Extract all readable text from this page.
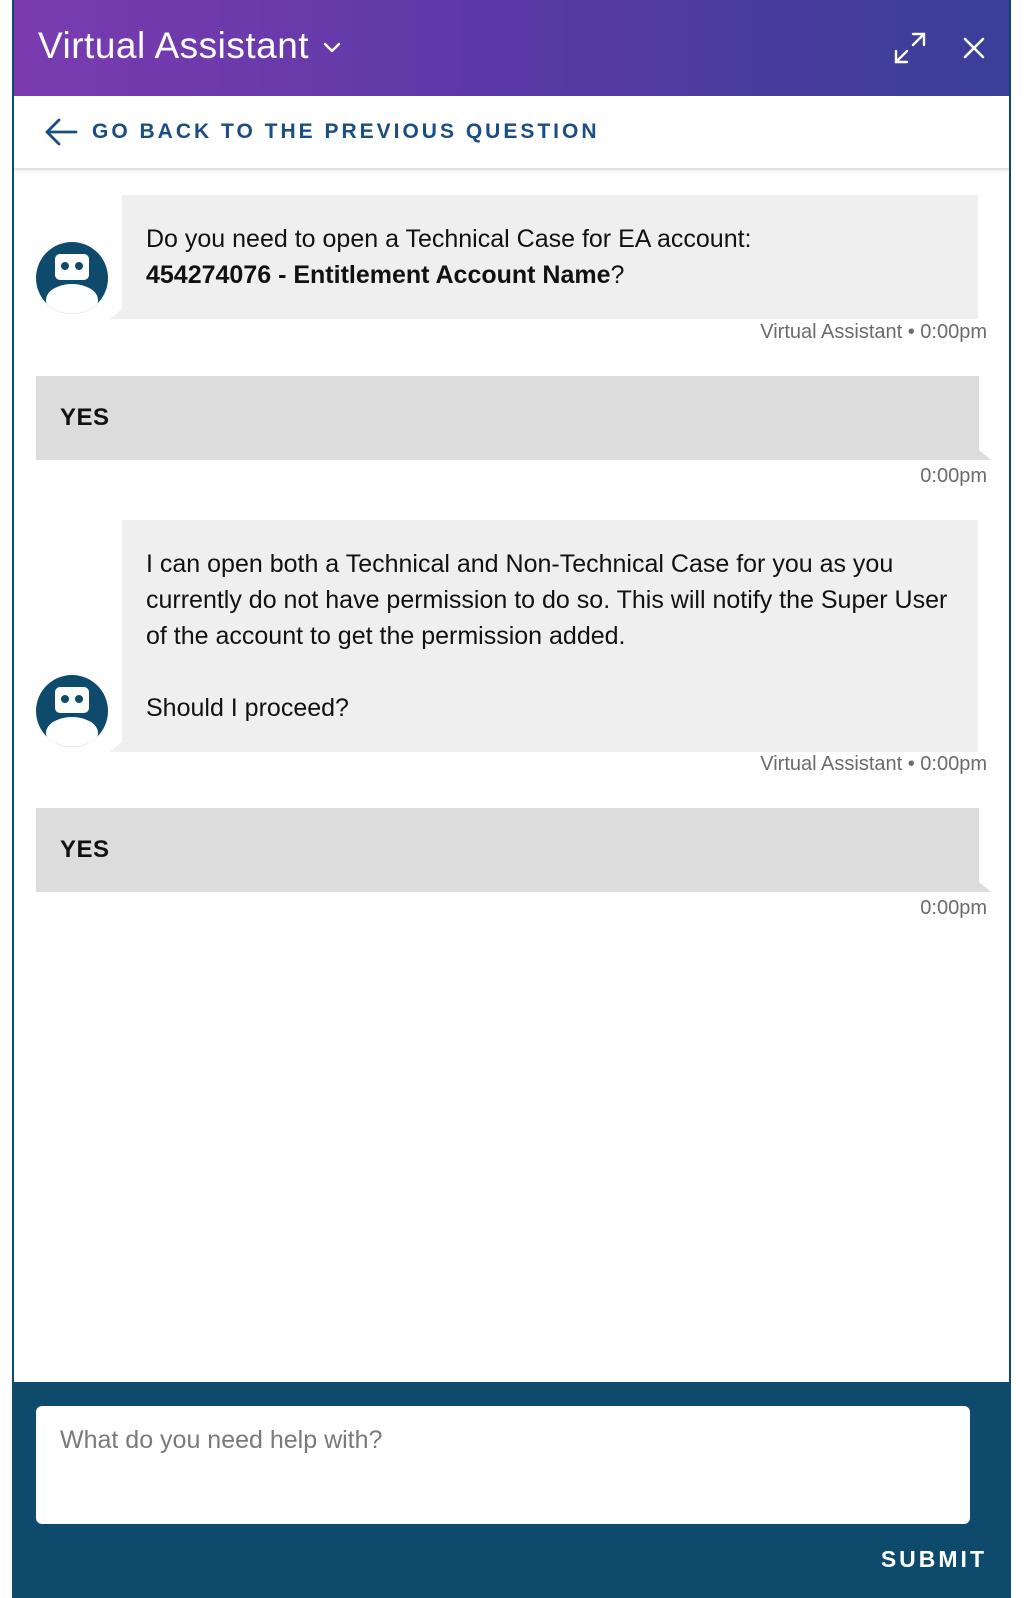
Virtual Assistant
GO BACK TO THE PREVIOUS QUESTION
Do you need to open a Technical Case for EA account:
454274076 - Entitlement Account Name?
Virtual Assistant • 0:00pm
YES
0:00pm
I can open both a Technical and Non-Technical Case for you as you currently do not have permission to do so. This will notify the Super User of the account to get the permission added.
Should I proceed?
Virtual Assistant • 0:00pm
YES
0:00pm
What do you need help with?
SUBMIT
